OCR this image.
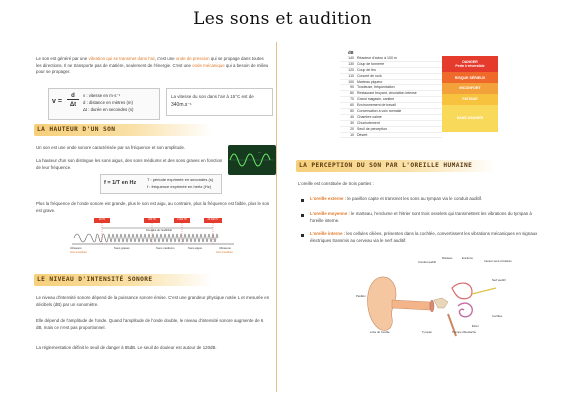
Les sons et audition
Le son est généré par une vibration qui se transmet dans l'air, c'est une onde de pression qui se propage dans toutes les directions. Il ne transporte pas de matière, seulement de l'énergie. C'est une onde mécanique qui a besoin de milieu pour se propager.
v =
d
Δt
v : vitesse en m·s⁻¹
d : distance en mètres (m)
Δt : durée en secondes (s)
La vitesse du son dans l'air à 15°C est de
340m.s⁻¹
LA HAUTEUR D'UN SON
Un son est une onde sonore caractérisée par sa fréquence et son amplitude.
La hauteur d'un son distingue les sons aigus, des sons médiums et des sons graves en fonction de leur fréquence.
—
f = 1/T en Hz
T : période exprimée en secondes (s)
f : fréquence exprimée en hertz (Hz)
Plus la fréquence de l'onde sonore est grande, plus le son est aigu, au contraire, plus la fréquence est faible, plus le son est grave.
20 Hz	200 Hz	2 000 Hz	20 000 Hz
Domaine de l'audibilité
Infrasons	Sons graves	Sons médiums	Sons aigus	Ultrasons
Sons inaudibles	Sons inaudibles
LE NIVEAU D'INTENSITÉ SONORE
Le niveau d'intensité sonore dépend de la puissance sonore émise. C'est une grandeur physique notée L et mesurée en décibels (dB) par un sonomètre.
Elle dépend de l'amplitude de l'onde. Quand l'amplitude de l'onde double, le niveau d'intensité sonore augmente de 6 dB, mais ce n'est pas proportionnel.
La réglementation définit le seuil de danger à 85dB. Le seuil de douleur est autour de 120dB.
dB
140 Réacteur d'avion à 100 m
130 Coup de tonnerre
120 Coup de feu
110 Concert de rock
100 Marteau piqueur
90 Tondeuse, fréquentation
80 Restaurant bruyant, circulation intense
70 Grand magasin, cantine
60 Environnement de travail
50 Conversation à voix normale
40 Chambre calme
30 Chuchotement
20 Seuil de perception
10 Désert
DANGER
Perte irréversible
RISQUE SÉRIEUX
INCONFORT
FATIGUE
SANS DANGER
LA PERCEPTION DU SON PAR L'OREILLE HUMAINE
L'oreille est constituée de trois parties :
L'oreille externe : le pavillon capte et transmet les sons au tympan via le conduit auditif.
L'oreille moyenne : le marteau, l'enclume et l'étrier sont trois osselets qui transmettent les vibrations du tympan à l'oreille interne.
L'oreille interne : les cellules ciliées, présentes dans la cochlée, convertissent les vibrations mécaniques en signaux électriques transmis au cerveau via le nerf auditif.
Conduit auditif
Marteau	Enclume
Canaux semi-circulaires
Nerf auditif
Pavillon
Cochlée
Étrier
Lobe de l'oreille	Tympan	Trompe d'Eustache
